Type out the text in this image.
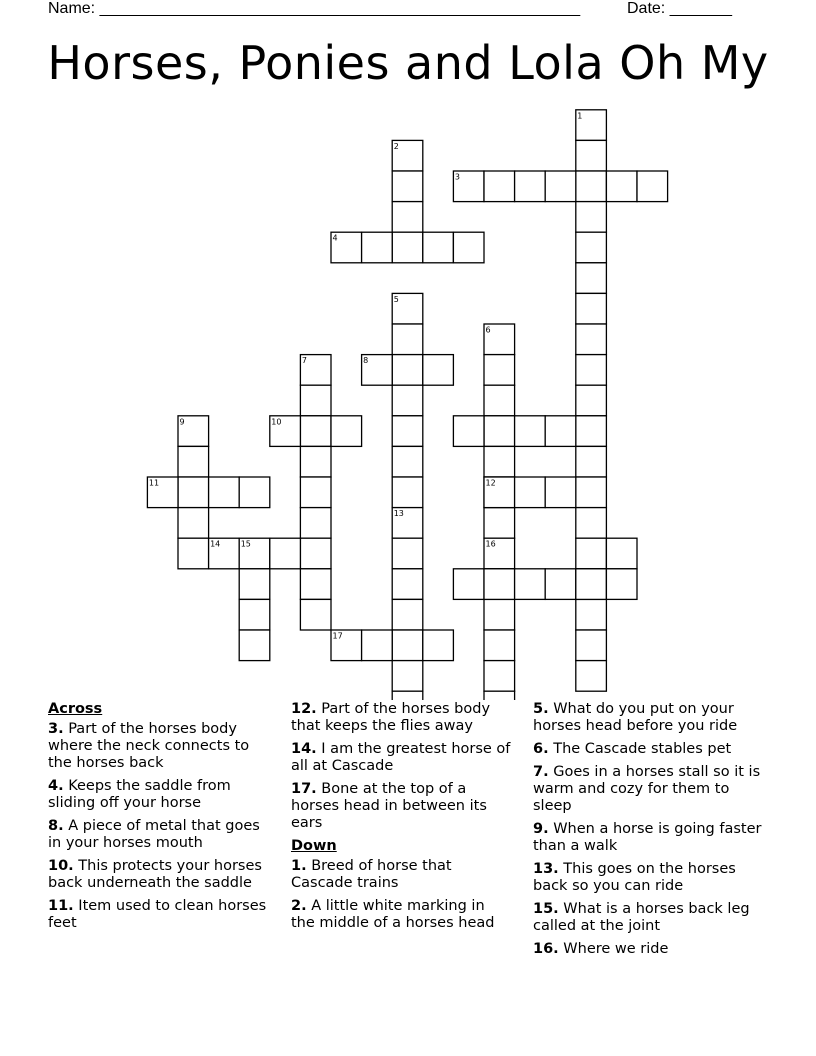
Name: ______________________________________________________	Date: _______
Horses, Ponies and Lola Oh My
1
2
3
4
5
6
7	8
9	10
11	12
13
14	15	16
17
Across
3. Part of the horses body where the neck connects to the horses back
4. Keeps the saddle from sliding off your horse
8. A piece of metal that goes in your horses mouth
10. This protects your horses back underneath the saddle
11. Item used to clean horses feet
12. Part of the horses body that keeps the flies away
14. I am the greatest horse of all at Cascade
17. Bone at the top of a horses head in between its ears
Down
1. Breed of horse that Cascade trains
2. A little white marking in the middle of a horses head
5. What do you put on your horses head before you ride
6. The Cascade stables pet
7. Goes in a horses stall so it is warm and cozy for them to sleep
9. When a horse is going faster than a walk
13. This goes on the horses back so you can ride
15. What is a horses back leg called at the joint
16. Where we ride
